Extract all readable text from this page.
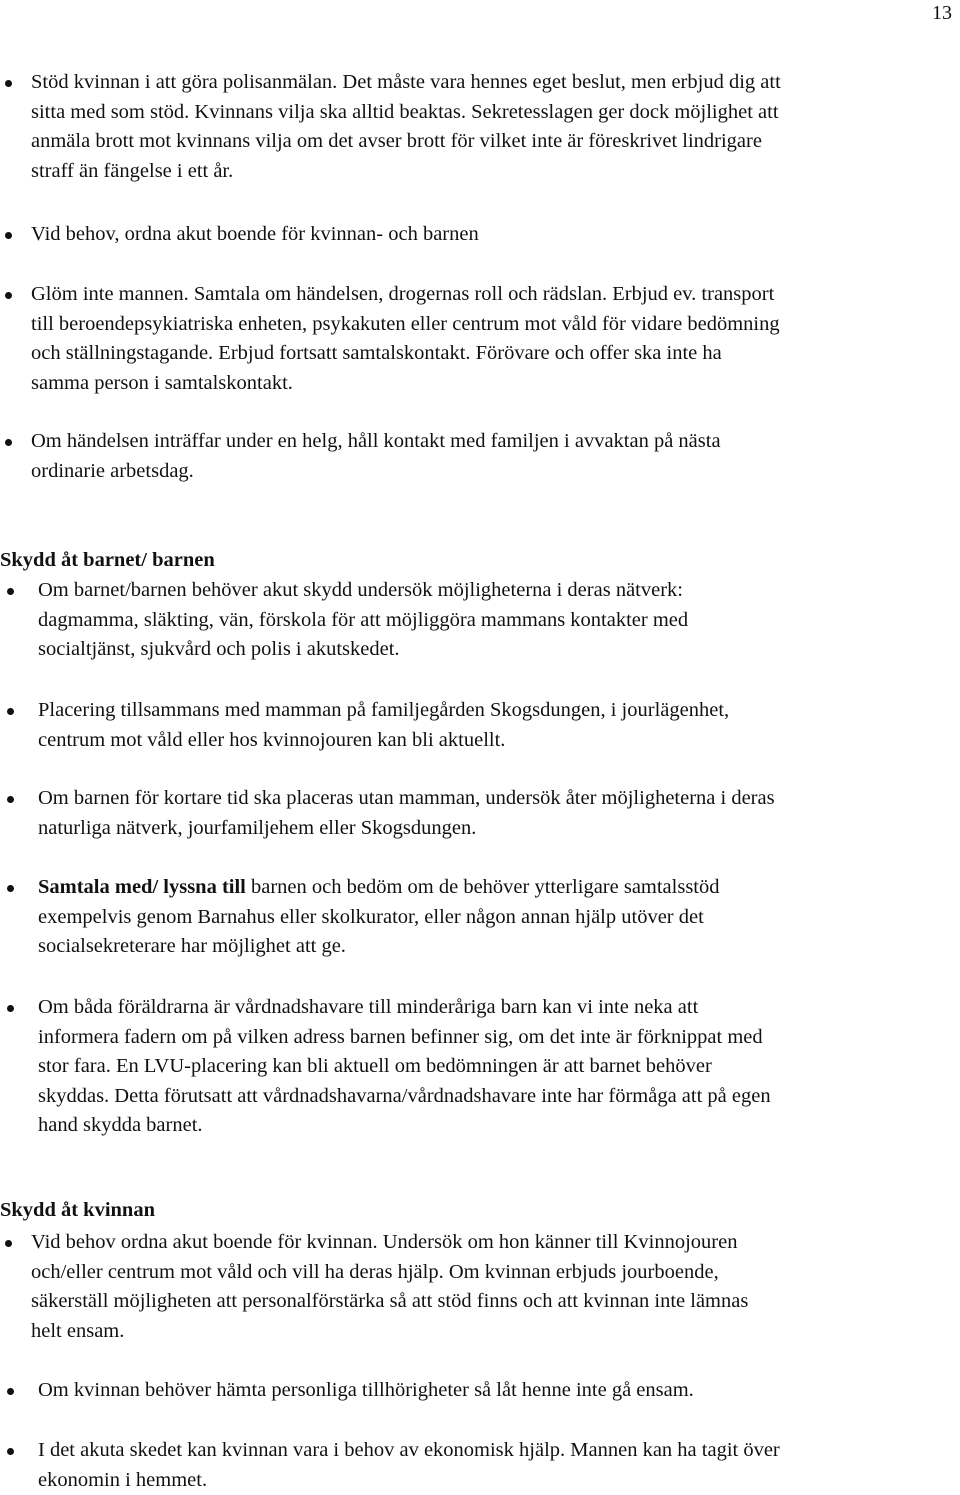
13
Stöd kvinnan i att göra polisanmälan. Det måste vara hennes eget beslut, men erbjud dig att
sitta med som stöd. Kvinnans vilja ska alltid beaktas. Sekretesslagen ger dock möjlighet att
anmäla brott mot kvinnans vilja om det avser brott för vilket inte är föreskrivet lindrigare
straff än fängelse i ett år.
Vid behov, ordna akut boende för kvinnan- och barnen
Glöm inte mannen. Samtala om händelsen, drogernas roll och rädslan. Erbjud ev. transport
till beroendepsykiatriska enheten, psykakuten eller centrum mot våld för vidare bedömning
och ställningstagande. Erbjud fortsatt samtalskontakt. Förövare och offer ska inte ha
samma person i samtalskontakt.
Om händelsen inträffar under en helg, håll kontakt med familjen i avvaktan på nästa
ordinarie arbetsdag.
Skydd åt barnet/ barnen
Om barnet/barnen behöver akut skydd undersök möjligheterna i deras nätverk:
dagmamma, släkting, vän, förskola för att möjliggöra mammans kontakter med
socialtjänst, sjukvård och polis i akutskedet.
Placering tillsammans med mamman på familjegården Skogsdungen, i jourlägenhet,
centrum mot våld eller hos kvinnojouren kan bli aktuellt.
Om barnen för kortare tid ska placeras utan mamman, undersök åter möjligheterna i deras
naturliga nätverk, jourfamiljehem eller Skogsdungen.
Samtala med/ lyssna till barnen och bedöm om de behöver ytterligare samtalsstöd
exempelvis genom Barnahus eller skolkurator, eller någon annan hjälp utöver det
socialsekreterare har möjlighet att ge.
Om båda föräldrarna är vårdnadshavare till minderåriga barn kan vi inte neka att
informera fadern om på vilken adress barnen befinner sig, om det inte är förknippat med
stor fara. En LVU-placering kan bli aktuell om bedömningen är att barnet behöver
skyddas. Detta förutsatt att vårdnadshavarna/vårdnadshavare inte har förmåga att på egen
hand skydda barnet.
Skydd åt kvinnan
Vid behov ordna akut boende för kvinnan. Undersök om hon känner till Kvinnojouren
och/eller centrum mot våld och vill ha deras hjälp. Om kvinnan erbjuds jourboende,
säkerställ möjligheten att personalförstärka så att stöd finns och att kvinnan inte lämnas
helt ensam.
Om kvinnan behöver hämta personliga tillhörigheter så låt henne inte gå ensam.
I det akuta skedet kan kvinnan vara i behov av ekonomisk hjälp. Mannen kan ha tagit över
ekonomin i hemmet.
